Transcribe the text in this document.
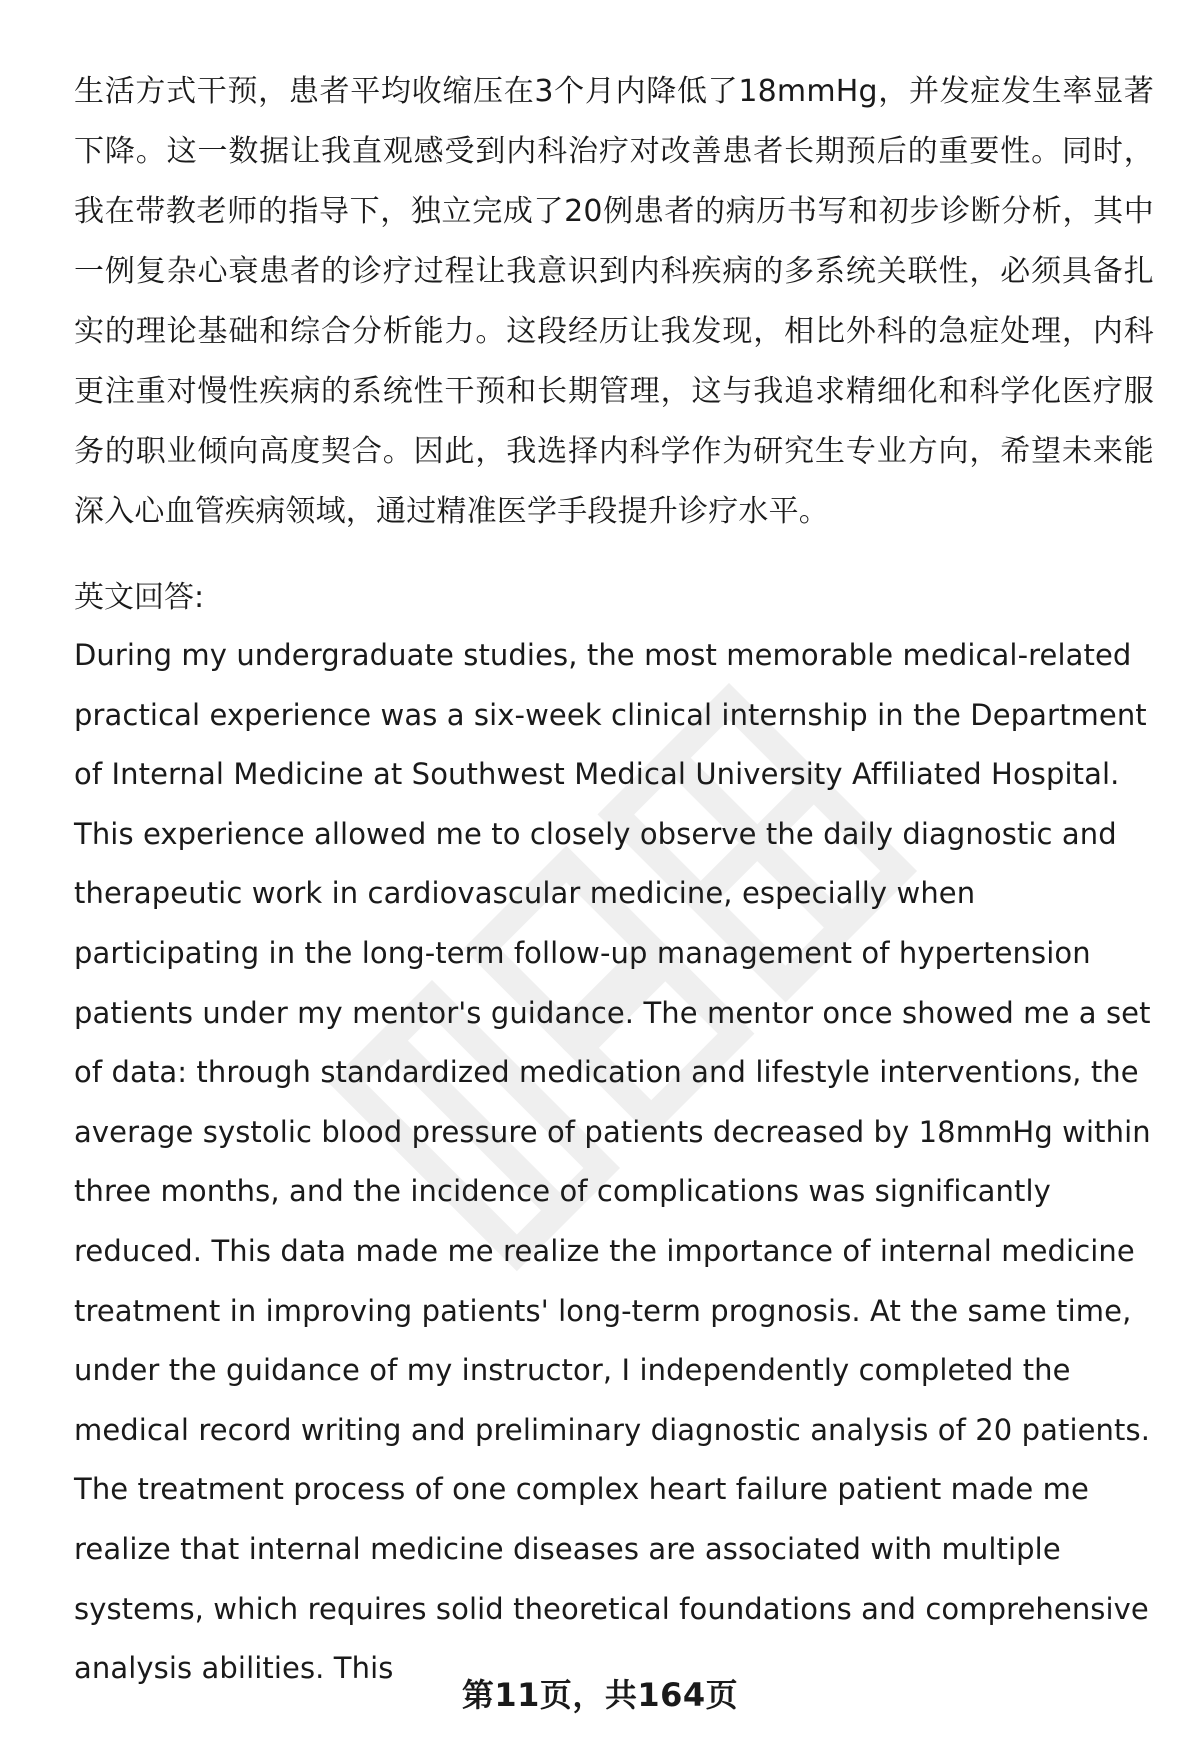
生活方式干预，患者平均收缩压在3个月内降低了18mmHg，并发症发生率显著下降。这一数据让我直观感受到内科治疗对改善患者长期预后的重要性。同时，我在带教老师的指导下，独立完成了20例患者的病历书写和初步诊断分析，其中一例复杂心衰患者的诊疗过程让我意识到内科疾病的多系统关联性，必须具备扎实的理论基础和综合分析能力。这段经历让我发现，相比外科的急症处理，内科更注重对慢性疾病的系统性干预和长期管理，这与我追求精细化和科学化医疗服务的职业倾向高度契合。因此，我选择内科学作为研究生专业方向，希望未来能深入心血管疾病领域，通过精准医学手段提升诊疗水平。

英文回答:

During my undergraduate studies, the most memorable medical-related practical experience was a six-week clinical internship in the Department of Internal Medicine at Southwest Medical University Affiliated Hospital. This experience allowed me to closely observe the daily diagnostic and therapeutic work in cardiovascular medicine, especially when participating in the long-term follow-up management of hypertension patients under my mentor's guidance. The mentor once showed me a set of data: through standardized medication and lifestyle interventions, the average systolic blood pressure of patients decreased by 18mmHg within three months, and the incidence of complications was significantly reduced. This data made me realize the importance of internal medicine treatment in improving patients' long-term prognosis. At the same time, under the guidance of my instructor, I independently completed the medical record writing and preliminary diagnostic analysis of 20 patients. The treatment process of one complex heart failure patient made me realize that internal medicine diseases are associated with multiple systems, which requires solid theoretical foundations and comprehensive analysis abilities. This

第11页，共164页
